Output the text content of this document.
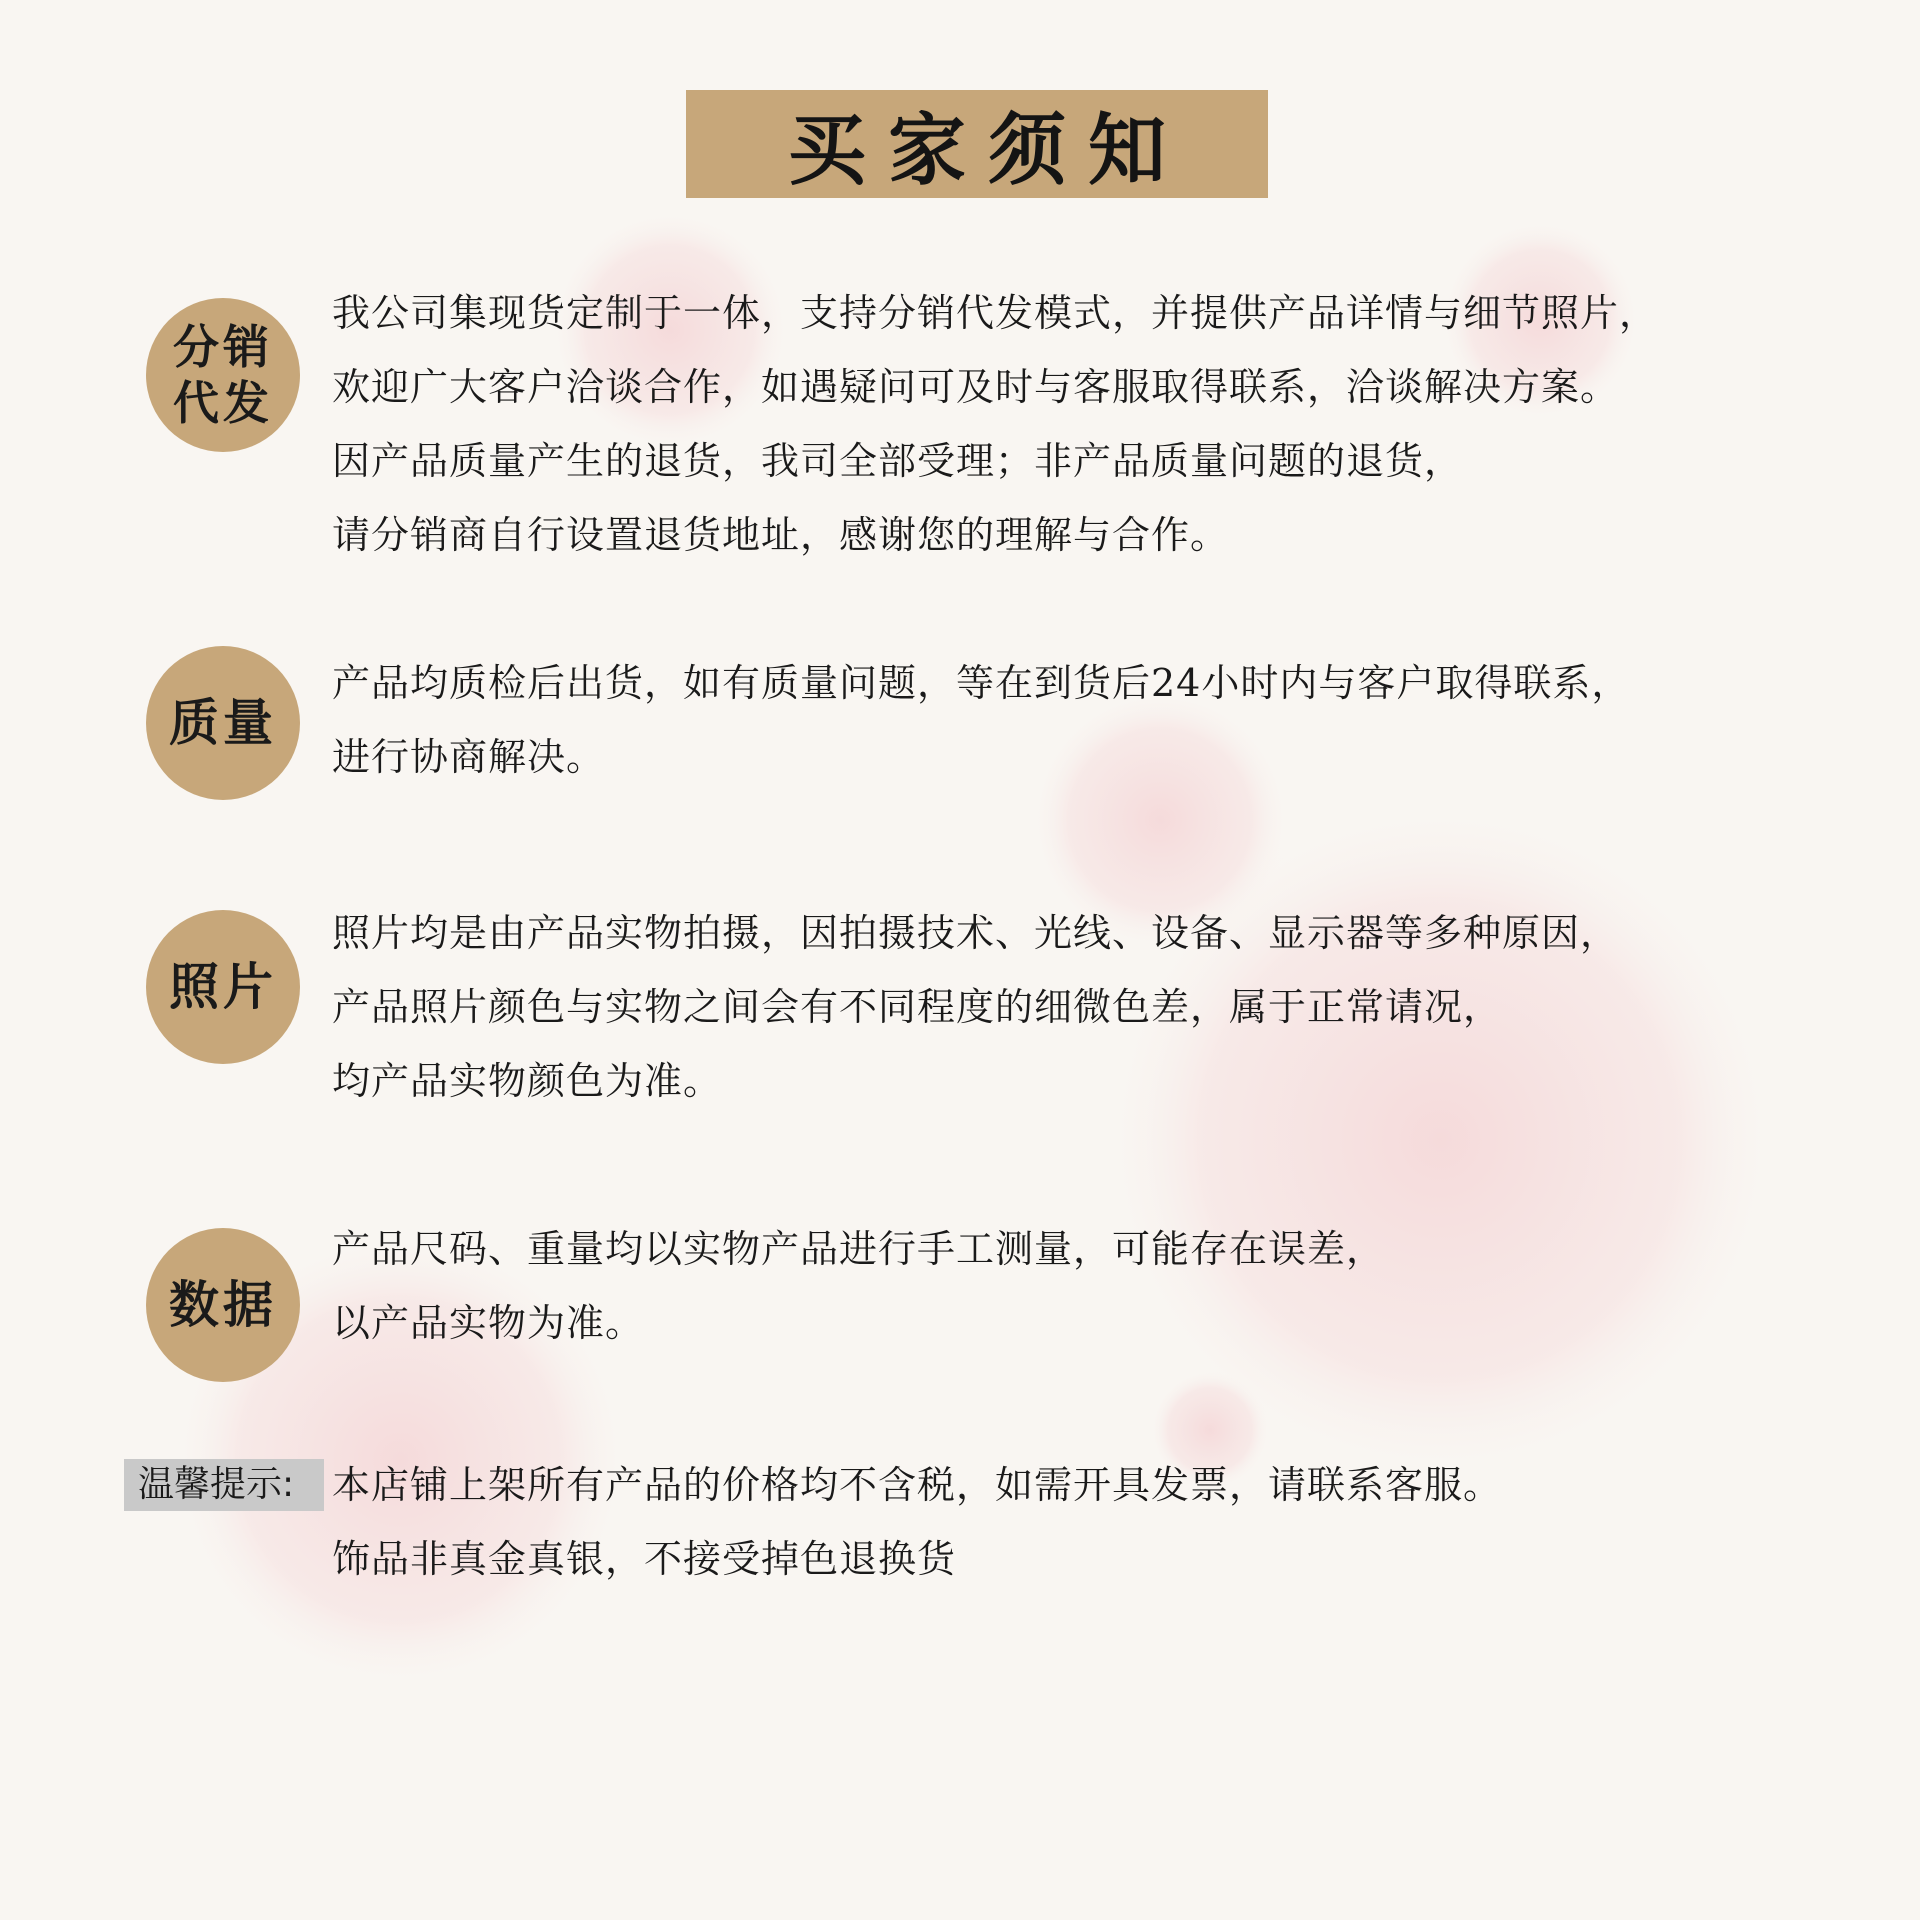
买家须知
分销代发
我公司集现货定制于一体，支持分销代发模式，并提供产品详情与细节照片，
欢迎广大客户洽谈合作，如遇疑问可及时与客服取得联系，洽谈解决方案。
因产品质量产生的退货，我司全部受理；非产品质量问题的退货，
请分销商自行设置退货地址，感谢您的理解与合作。
质量
产品均质检后出货，如有质量问题，等在到货后24小时内与客户取得联系，
进行协商解决。
照片
照片均是由产品实物拍摄，因拍摄技术、光线、设备、显示器等多种原因，
产品照片颜色与实物之间会有不同程度的细微色差，属于正常请况，
均产品实物颜色为准。
数据
产品尺码、重量均以实物产品进行手工测量，可能存在误差，
以产品实物为准。
温馨提示: 本店铺上架所有产品的价格均不含税，如需开具发票，请联系客服。
饰品非真金真银，不接受掉色退换货
